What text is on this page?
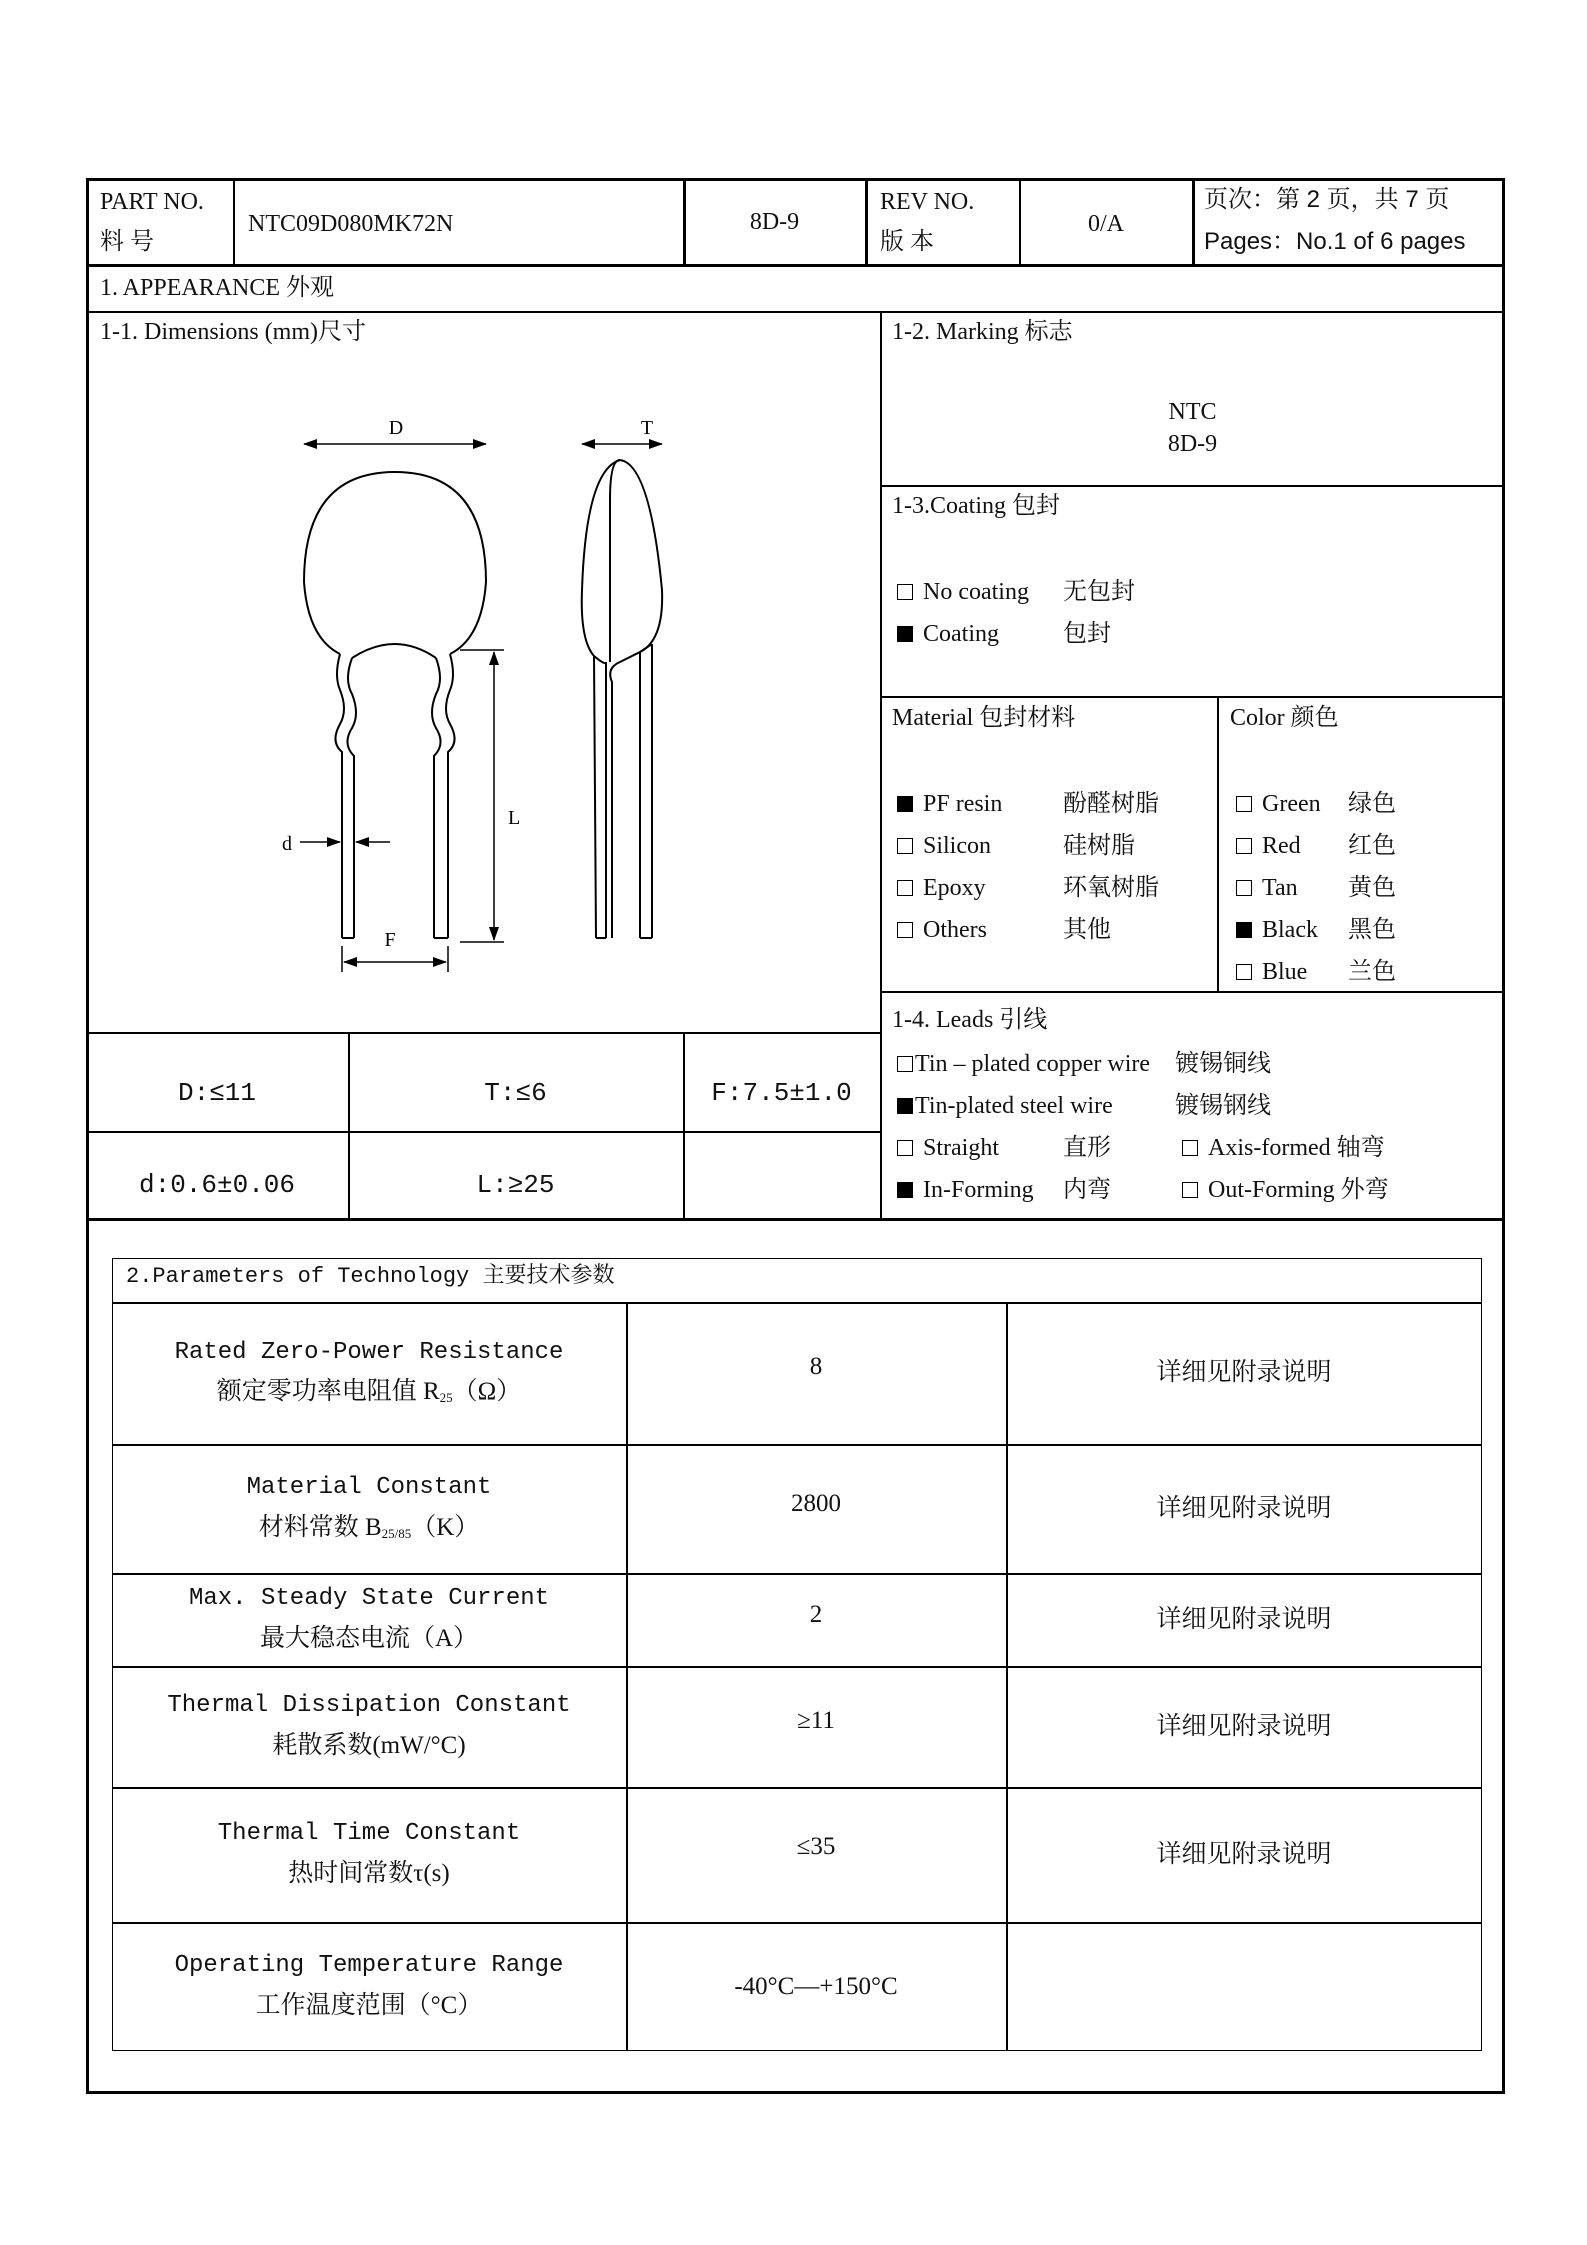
PART NO.
料 号
NTC09D080MK72N	8D-9
REV NO.
版 本
0/A
页次：第 2 页，共 7 页
Pages：No.1 of 6 pages
1. APPEARANCE 外观
1-1. Dimensions (mm)尺寸
D	T
L
d
F
D:≤11	T:≤6	F:7.5±1.0
d:0.6±0.06	L:≥25
1-2. Marking 标志
NTC
8D-9
1-3.Coating 包封
No coating 无包封
Coating	包封
Material 包封材料
PF resin	酚醛树脂
Silicon	硅树脂
Epoxy	环氧树脂
Others	其他
Color 颜色
Green 绿色
Red 红色
Tan 黄色
Black 黑色
Blue 兰色
1-4. Leads 引线
Tin – plated copper wire 镀锡铜线
Tin-plated steel wire	镀锡钢线
Straight	直形	Axis-formed 轴弯
In-Forming 内弯	Out-Forming 外弯
2.Parameters of Technology 主要技术参数
Rated Zero-Power Resistance
额定零功率电阻值 $R_{25}(\Omega)$
8	详细见附录说明
Material Constant
材料常数 $B_{25/85}(K)$
2800	详细见附录说明
Max. Steady State Current
最大稳态电流（A）
2	详细见附录说明
Thermal Dissipation Constant
耗散系数(mW/°C)
≥11	详细见附录说明
Thermal Time Constant
热时间常数τ(s)
≤35	详细见附录说明
Operating Temperature Range
工作温度范围（°C）
-40°C—+150°C
